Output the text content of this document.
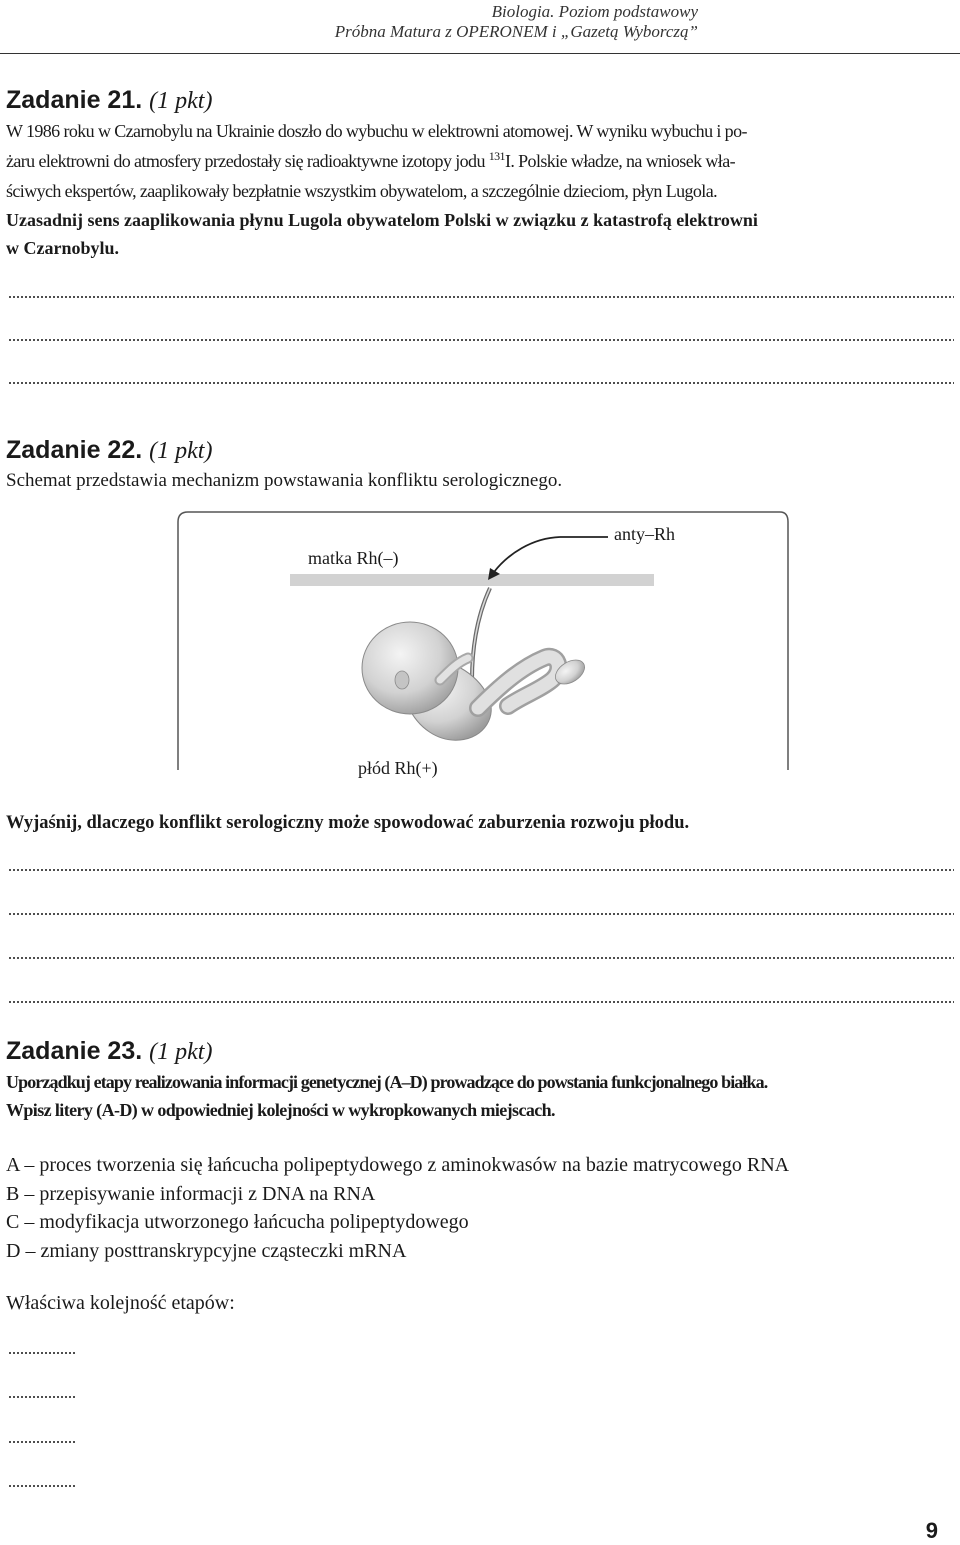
Biologia. Poziom podstawowy
Próbna Matura z OPERONEM i „Gazetą Wyborczą”
Zadanie 21. (1 pkt)

W 1986 roku w Czarnobylu na Ukrainie doszło do wybuchu w elektrowni atomowej. W wyniku wybuchu i po-

żaru elektrowni do atmosfery przedostały się radioaktywne izotopy jodu $^{131}$I. Polskie władze, na wniosek wła-

ściwych ekspertów, zaaplikowały bezpłatnie wszystkim obywatelom, a szczególnie dzieciom, płyn Lugola.

Uzasadnij sens zaaplikowania płynu Lugola obywatelom Polski w związku z katastrofą elektrowni

w Czarnobylu.

Zadanie 22. (1 pkt)

Schemat przedstawia mechanizm powstawania konfliktu serologicznego.

matka Rh(–)
anty–Rh
płód Rh(+)

Wyjaśnij, dlaczego konflikt serologiczny może spowodować zaburzenia rozwoju płodu.

Zadanie 23. (1 pkt)

Uporządkuj etapy realizowania informacji genetycznej (A–D) prowadzące do powstania funkcjonalnego białka.

Wpisz litery (A-D) w odpowiedniej kolejności w wykropkowanych miejscach.

A – proces tworzenia się łańcucha polipeptydowego z aminokwasów na bazie matrycowego RNA
B – przepisywanie informacji z DNA na RNA
C – modyfikacja utworzonego łańcucha polipeptydowego
D – zmiany posttranskrypcyjne cząsteczki mRNA
Właściwa kolejność etapów:
9
